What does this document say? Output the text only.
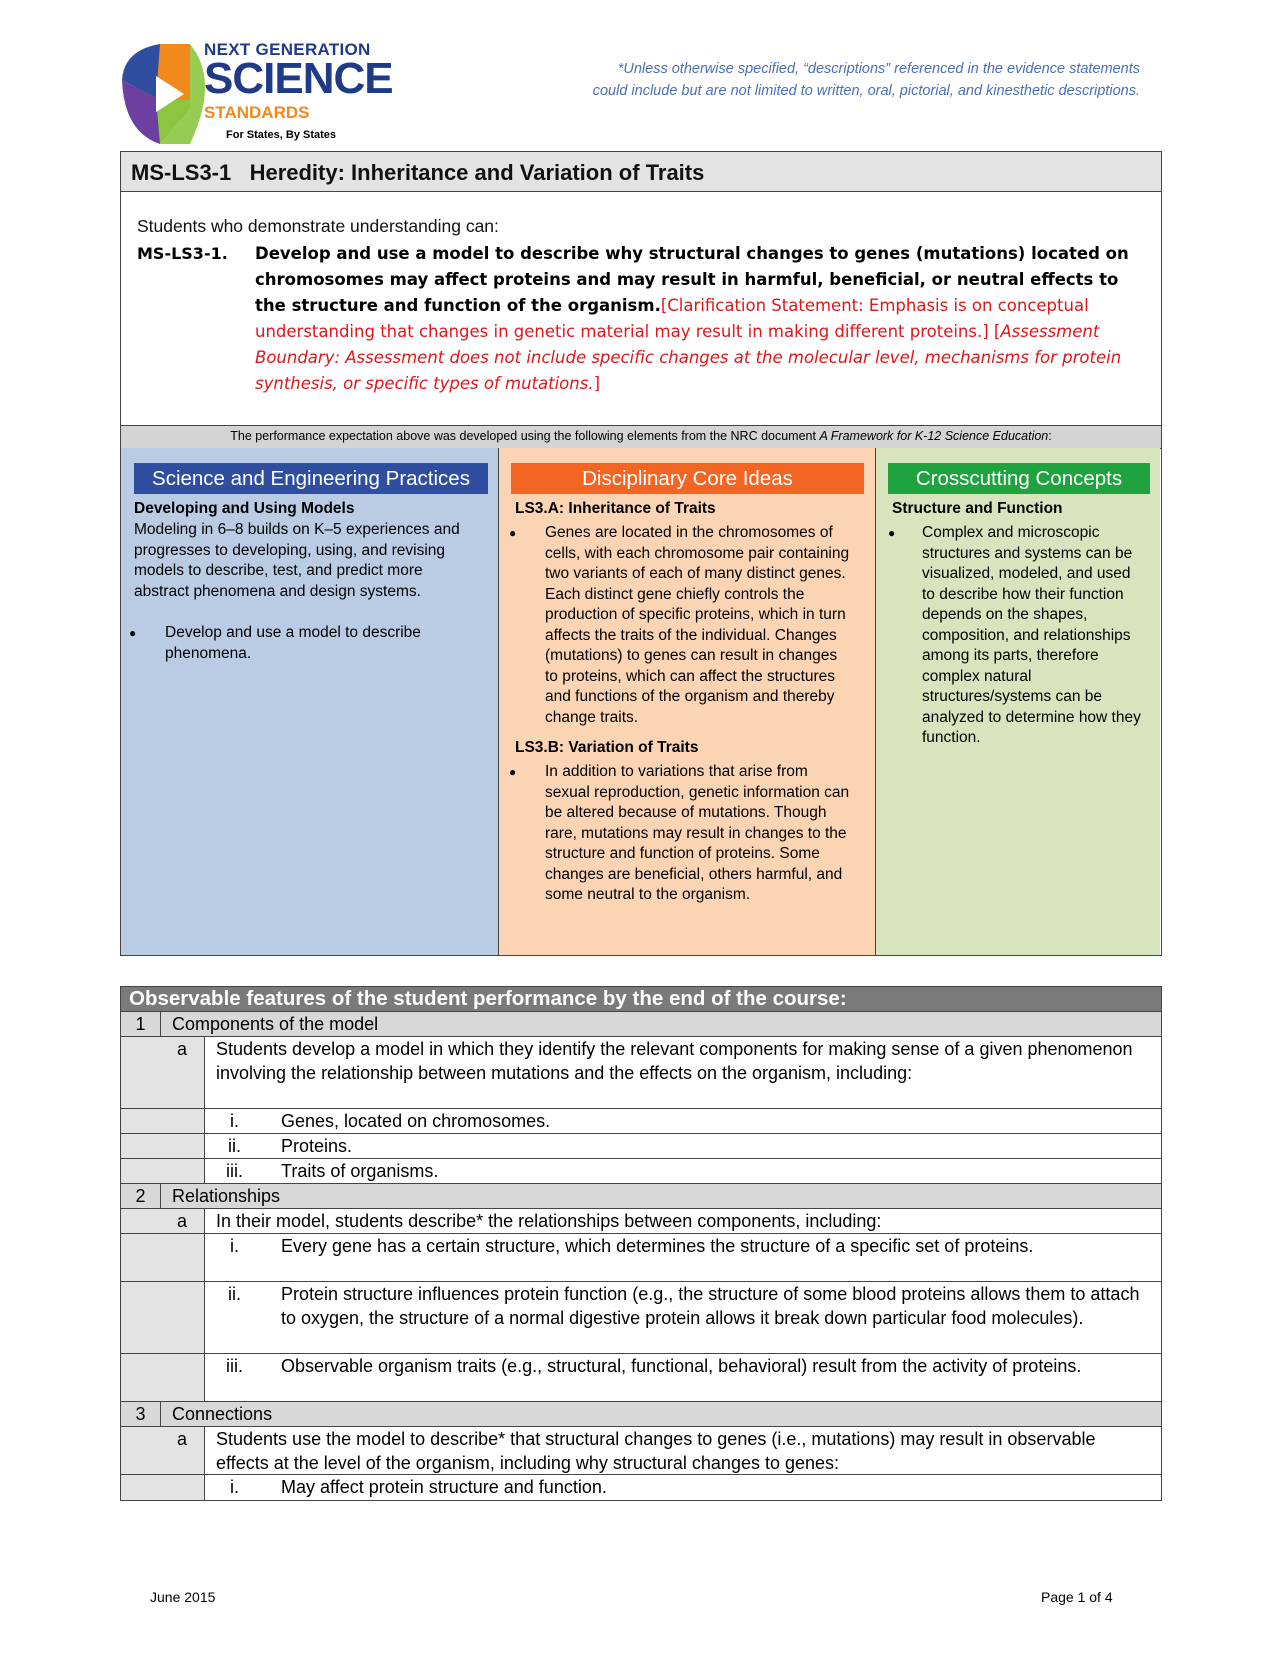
NEXT GENERATION
SCIENCE
STANDARDS
For States, By States
*Unless otherwise specified, “descriptions” referenced in the evidence statements
could include but are not limited to written, oral, pictorial, and kinesthetic descriptions.
MS-LS3-1   Heredity: Inheritance and Variation of Traits
Students who demonstrate understanding can:
MS-LS3-1. Develop and use a model to describe why structural changes to genes (mutations) located on chromosomes may affect proteins and may result in harmful, beneficial, or neutral effects to the structure and function of the organism.[Clarification Statement: Emphasis is on conceptual understanding that changes in genetic material may result in making different proteins.] [Assessment Boundary: Assessment does not include specific changes at the molecular level, mechanisms for protein synthesis, or specific types of mutations.]
The performance expectation above was developed using the following elements from the NRC document A Framework for K-12 Science Education:
Science and Engineering Practices
Developing and Using Models
Modeling in 6–8 builds on K–5 experiences and progresses to developing, using, and revising models to describe, test, and predict more abstract phenomena and design systems.
● Develop and use a model to describe phenomena.
Disciplinary Core Ideas
LS3.A: Inheritance of Traits
● Genes are located in the chromosomes of cells, with each chromosome pair containing two variants of each of many distinct genes. Each distinct gene chiefly controls the production of specific proteins, which in turn affects the traits of the individual. Changes (mutations) to genes can result in changes to proteins, which can affect the structures and functions of the organism and thereby change traits.
LS3.B: Variation of Traits
● In addition to variations that arise from sexual reproduction, genetic information can be altered because of mutations. Though rare, mutations may result in changes to the structure and function of proteins. Some changes are beneficial, others harmful, and some neutral to the organism.
Crosscutting Concepts
Structure and Function
● Complex and microscopic structures and systems can be visualized, modeled, and used to describe how their function depends on the shapes, composition, and relationships among its parts, therefore complex natural structures/systems can be analyzed to determine how they function.
Observable features of the student performance by the end of the course:
1	Components of the model
a	Students develop a model in which they identify the relevant components for making sense of a given phenomenon involving the relationship between mutations and the effects on the organism, including:
i.	Genes, located on chromosomes.
ii.	Proteins.
iii.	Traits of organisms.
2	Relationships
a	In their model, students describe* the relationships between components, including:
i.	Every gene has a certain structure, which determines the structure of a specific set of proteins.
ii.	Protein structure influences protein function (e.g., the structure of some blood proteins allows them to attach to oxygen, the structure of a normal digestive protein allows it break down particular food molecules).
iii.	Observable organism traits (e.g., structural, functional, behavioral) result from the activity of proteins.
3	Connections
a	Students use the model to describe* that structural changes to genes (i.e., mutations) may result in observable effects at the level of the organism, including why structural changes to genes:
i.	May affect protein structure and function.
June 2015	Page 1 of 4
